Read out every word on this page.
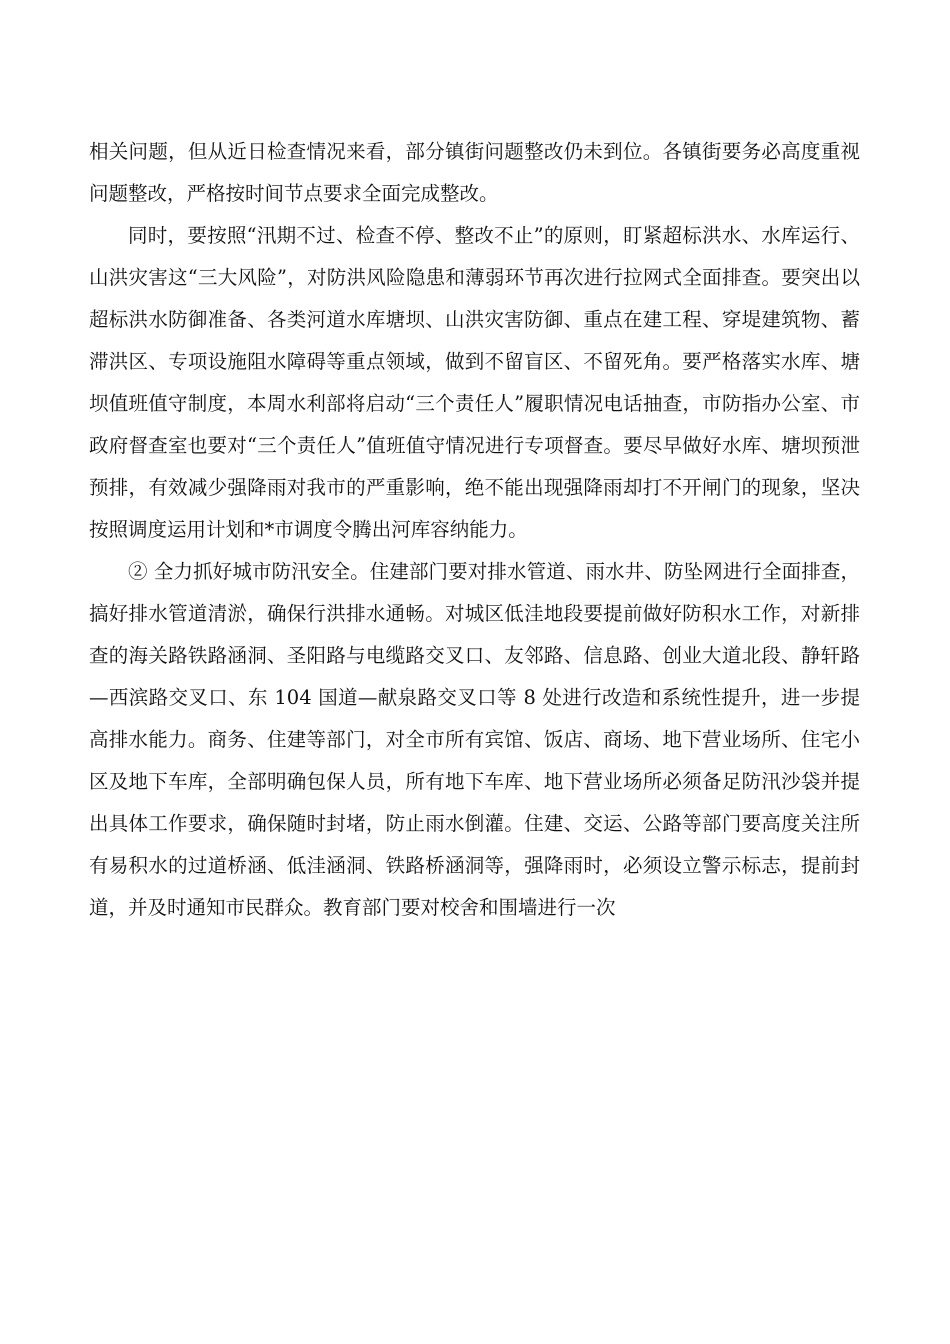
相关问题，但从近日检查情况来看，部分镇街问题整改仍未到位。各镇街要务必高度重视问题整改，严格按时间节点要求全面完成整改。

同时，要按照“汛期不过、检查不停、整改不止”的原则，盯紧超标洪水、水库运行、山洪灾害这“三大风险”，对防洪风险隐患和薄弱环节再次进行拉网式全面排查。要突出以超标洪水防御准备、各类河道水库塘坝、山洪灾害防御、重点在建工程、穿堤建筑物、蓄滞洪区、专项设施阻水障碍等重点领域，做到不留盲区、不留死角。要严格落实水库、塘坝值班值守制度，本周水利部将启动“三个责任人”履职情况电话抽查，市防指办公室、市政府督查室也要对“三个责任人”值班值守情况进行专项督查。要尽早做好水库、塘坝预泄预排，有效减少强降雨对我市的严重影响，绝不能出现强降雨却打不开闸门的现象，坚决按照调度运用计划和*市调度令腾出河库容纳能力。

② 全力抓好城市防汛安全。住建部门要对排水管道、雨水井、防坠网进行全面排查，搞好排水管道清淤，确保行洪排水通畅。对城区低洼地段要提前做好防积水工作，对新排查的海关路铁路涵洞、圣阳路与电缆路交叉口、友邻路、信息路、创业大道北段、静轩路—西滨路交叉口、东 104 国道—献泉路交叉口等 8 处进行改造和系统性提升，进一步提高排水能力。商务、住建等部门，对全市所有宾馆、饭店、商场、地下营业场所、住宅小区及地下车库，全部明确包保人员，所有地下车库、地下营业场所必须备足防汛沙袋并提出具体工作要求，确保随时封堵，防止雨水倒灌。住建、交运、公路等部门要高度关注所有易积水的过道桥涵、低洼涵洞、铁路桥涵洞等，强降雨时，必须设立警示标志，提前封道，并及时通知市民群众。教育部门要对校舍和围墙进行一次
